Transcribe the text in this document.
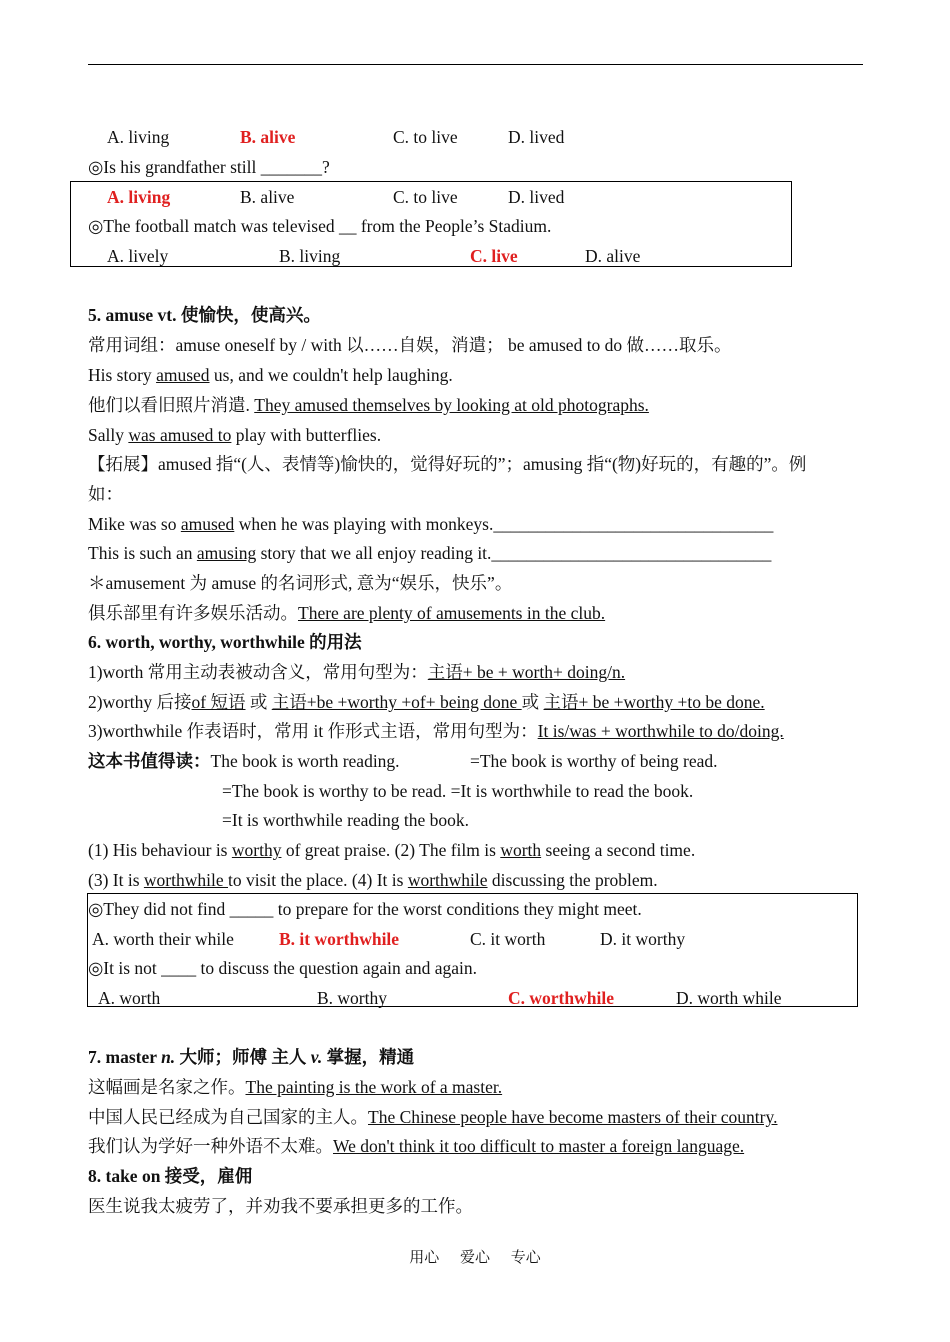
A. living	B. alive	C. to live	D. lived
◎Is his grandfather still _______?
A. living	B. alive	C. to live	D. lived
◎The football match was televised __ from the People’s Stadium.
A. lively	B. living	C. live	D. alive
5. amuse vt. 使愉快，使高兴。
常用词组：amuse oneself by / with 以……自娱，消遣； be amused to do 做……取乐。
His story amused us, and we couldn't help laughing.
他们以看旧照片消遣. They amused themselves by looking at old photographs.
Sally was amused to play with butterflies.
【拓展】amused 指“(人、表情等)愉快的，觉得好玩的”；amusing 指“(物)好玩的，有趣的”。例
如：
Mike was so amused when he was playing with monkeys.________________________________
This is such an amusing story that we all enjoy reading it.________________________________
＊amusement 为 amuse 的名词形式, 意为“娱乐，快乐”。
俱乐部里有许多娱乐活动。There are plenty of amusements in the club.
6. worth, worthy, worthwhile 的用法
1)worth 常用主动表被动含义，常用句型为：主语+ be + worth+ doing/n.
2)worthy 后接of 短语 或 主语+be +worthy +of+ being done 或 主语+ be +worthy +to be done.
3)worthwhile 作表语时，常用 it 作形式主语，常用句型为：It is/was + worthwhile to do/doing.
这本书值得读：The book is worth reading.	=The book is worthy of being read.
=The book is worthy to be read. =It is worthwhile to read the book.
=It is worthwhile reading the book.
(1) His behaviour is worthy of great praise. (2) The film is worth seeing a second time.
(3) It is worthwhile to visit the place. (4) It is worthwhile discussing the problem.
◎They did not find _____ to prepare for the worst conditions they might meet.
A. worth their while	B. it worthwhile	C. it worth	D. it worthy
◎It is not ____ to discuss the question again and again.
A. worth	B. worthy	C. worthwhile	D. worth while
7. master n. 大师；师傅 主人 v. 掌握，精通
这幅画是名家之作。The painting is the work of a master.
中国人民已经成为自己国家的主人。The Chinese people have become masters of their country.
我们认为学好一种外语不太难。We don't think it too difficult to master a foreign language.
8. take on 接受，雇佣
医生说我太疲劳了，并劝我不要承担更多的工作。
用心 爱心 专心
